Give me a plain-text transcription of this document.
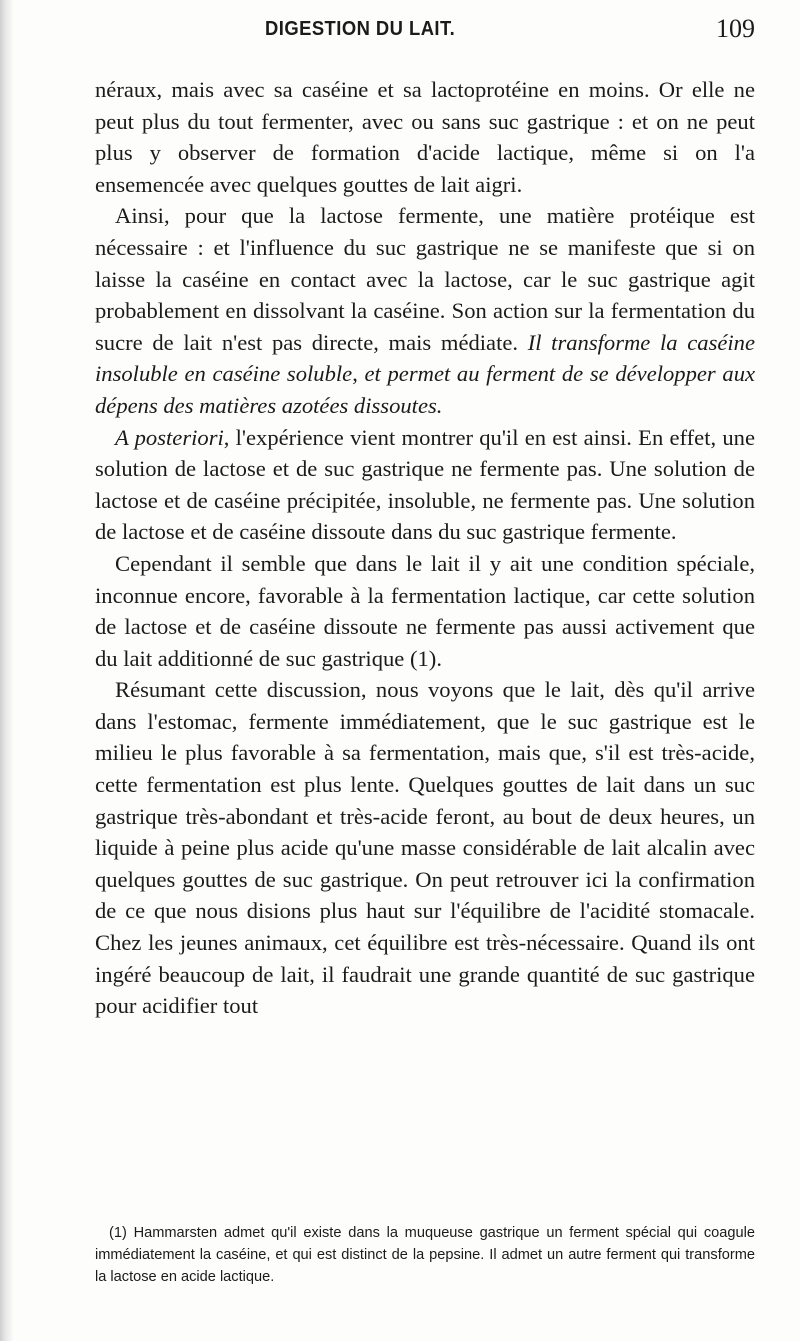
DIGESTION DU LAIT.	109

néraux, mais avec sa caséine et sa lactoprotéine en moins. Or elle ne peut plus du tout fermenter, avec ou sans suc gastrique : et on ne peut plus y observer de formation d'acide lactique, même si on l'a ensemencée avec quelques gouttes de lait aigri.

Ainsi, pour que la lactose fermente, une matière protéique est nécessaire : et l'influence du suc gastrique ne se manifeste que si on laisse la caséine en contact avec la lactose, car le suc gastrique agit probablement en dissolvant la caséine. Son action sur la fermentation du sucre de lait n'est pas directe, mais médiate. Il transforme la caséine insoluble en caséine soluble, et permet au ferment de se développer aux dépens des matières azotées dissoutes.

A posteriori, l'expérience vient montrer qu'il en est ainsi. En effet, une solution de lactose et de suc gastrique ne fermente pas. Une solution de lactose et de caséine précipitée, insoluble, ne fermente pas. Une solution de lactose et de caséine dissoute dans du suc gastrique fermente.

Cependant il semble que dans le lait il y ait une condition spéciale, inconnue encore, favorable à la fermentation lactique, car cette solution de lactose et de caséine dissoute ne fermente pas aussi activement que du lait additionné de suc gastrique (1).

Résumant cette discussion, nous voyons que le lait, dès qu'il arrive dans l'estomac, fermente immédiatement, que le suc gastrique est le milieu le plus favorable à sa fermentation, mais que, s'il est très-acide, cette fermentation est plus lente. Quelques gouttes de lait dans un suc gastrique très-abondant et très-acide feront, au bout de deux heures, un liquide à peine plus acide qu'une masse considérable de lait alcalin avec quelques gouttes de suc gastrique. On peut retrouver ici la confirmation de ce que nous disions plus haut sur l'équilibre de l'acidité stomacale. Chez les jeunes animaux, cet équilibre est très-nécessaire. Quand ils ont ingéré beaucoup de lait, il faudrait une grande quantité de suc gastrique pour acidifier tout

(1) Hammarsten admet qu'il existe dans la muqueuse gastrique un ferment spécial qui coagule immédiatement la caséine, et qui est distinct de la pepsine. Il admet un autre ferment qui transforme la lactose en acide lactique.
